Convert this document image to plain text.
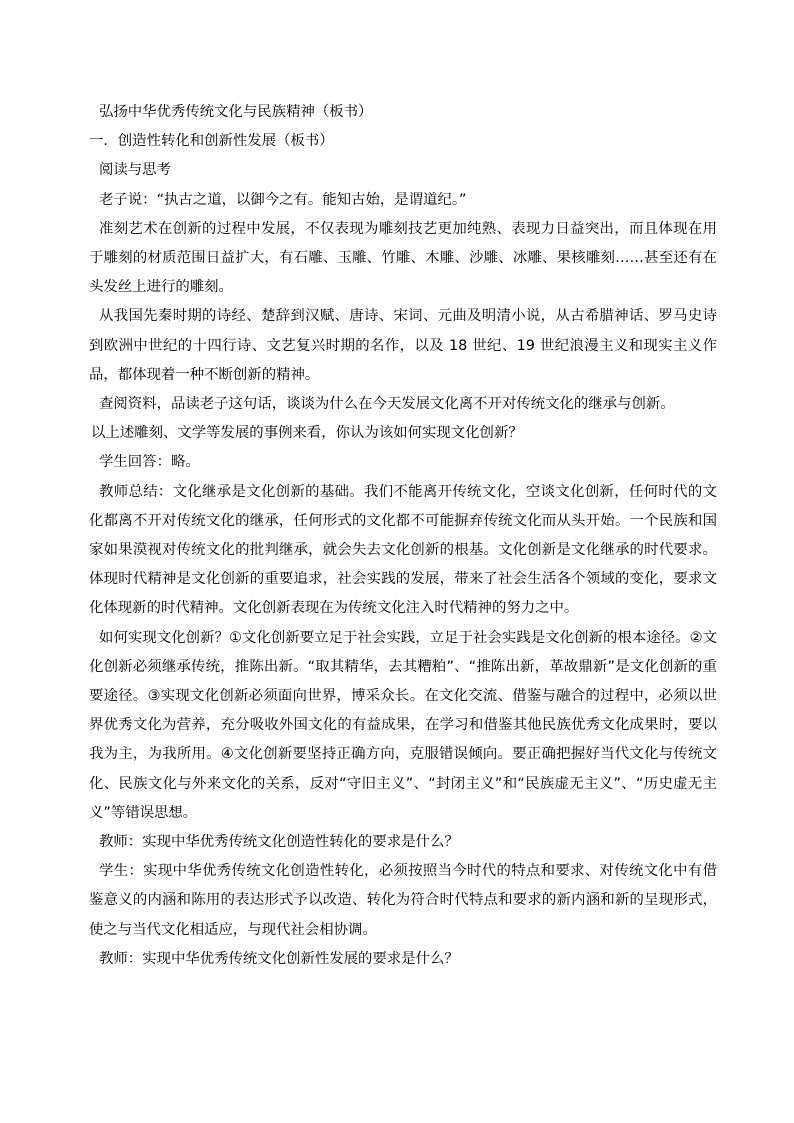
弘扬中华优秀传统文化与民族精神（板书）
一．创造性转化和创新性发展（板书）
阅读与思考
老子说：“执古之道，以御今之有。能知古始，是谓道纪。”
准刻艺术在创新的过程中发展，不仅表现为雕刻技艺更加纯熟、表现力日益突出，而且体现在用于雕刻的材质范围日益扩大，有石雕、玉雕、竹雕、木雕、沙雕、冰雕、果核雕刻……甚至还有在头发丝上进行的雕刻。
从我国先秦时期的诗经、楚辞到汉赋、唐诗、宋词、元曲及明清小说，从古希腊神话、罗马史诗到欧洲中世纪的十四行诗、文艺复兴时期的名作，以及 18 世纪、19 世纪浪漫主义和现实主义作品，都体现着一种不断创新的精神。
查阅资料，品读老子这句话，谈谈为什么在今天发展文化离不开对传统文化的继承与创新。
以上述雕刻、文学等发展的事例来看，你认为该如何实现文化创新？
学生回答：略。
教师总结：文化继承是文化创新的基础。我们不能离开传统文化，空谈文化创新，任何时代的文化都离不开对传统文化的继承，任何形式的文化都不可能摒弃传统文化而从头开始。一个民族和国家如果漠视对传统文化的批判继承，就会失去文化创新的根基。文化创新是文化继承的时代要求。体现时代精神是文化创新的重要追求，社会实践的发展，带来了社会生活各个领域的变化，要求文化体现新的时代精神。文化创新表现在为传统文化注入时代精神的努力之中。
如何实现文化创新？①文化创新要立足于社会实践，立足于社会实践是文化创新的根本途径。②文化创新必须继承传统，推陈出新。“取其精华，去其糟粕”、“推陈出新，革故鼎新”是文化创新的重要途径。③实现文化创新必须面向世界，博采众长。在文化交流、借鉴与融合的过程中，必须以世界优秀文化为营养，充分吸收外国文化的有益成果，在学习和借鉴其他民族优秀文化成果时，要以我为主，为我所用。④文化创新要坚持正确方向，克服错误倾向。要正确把握好当代文化与传统文化、民族文化与外来文化的关系，反对“守旧主义”、“封闭主义”和“民族虚无主义”、“历史虚无主义”等错误思想。
教师：实现中华优秀传统文化创造性转化的要求是什么？
学生：实现中华优秀传统文化创造性转化，必须按照当今时代的特点和要求、对传统文化中有借鉴意义的内涵和陈用的表达形式予以改造、转化为符合时代特点和要求的新内涵和新的呈现形式，使之与当代文化相适应，与现代社会相协调。
教师：实现中华优秀传统文化创新性发展的要求是什么？
